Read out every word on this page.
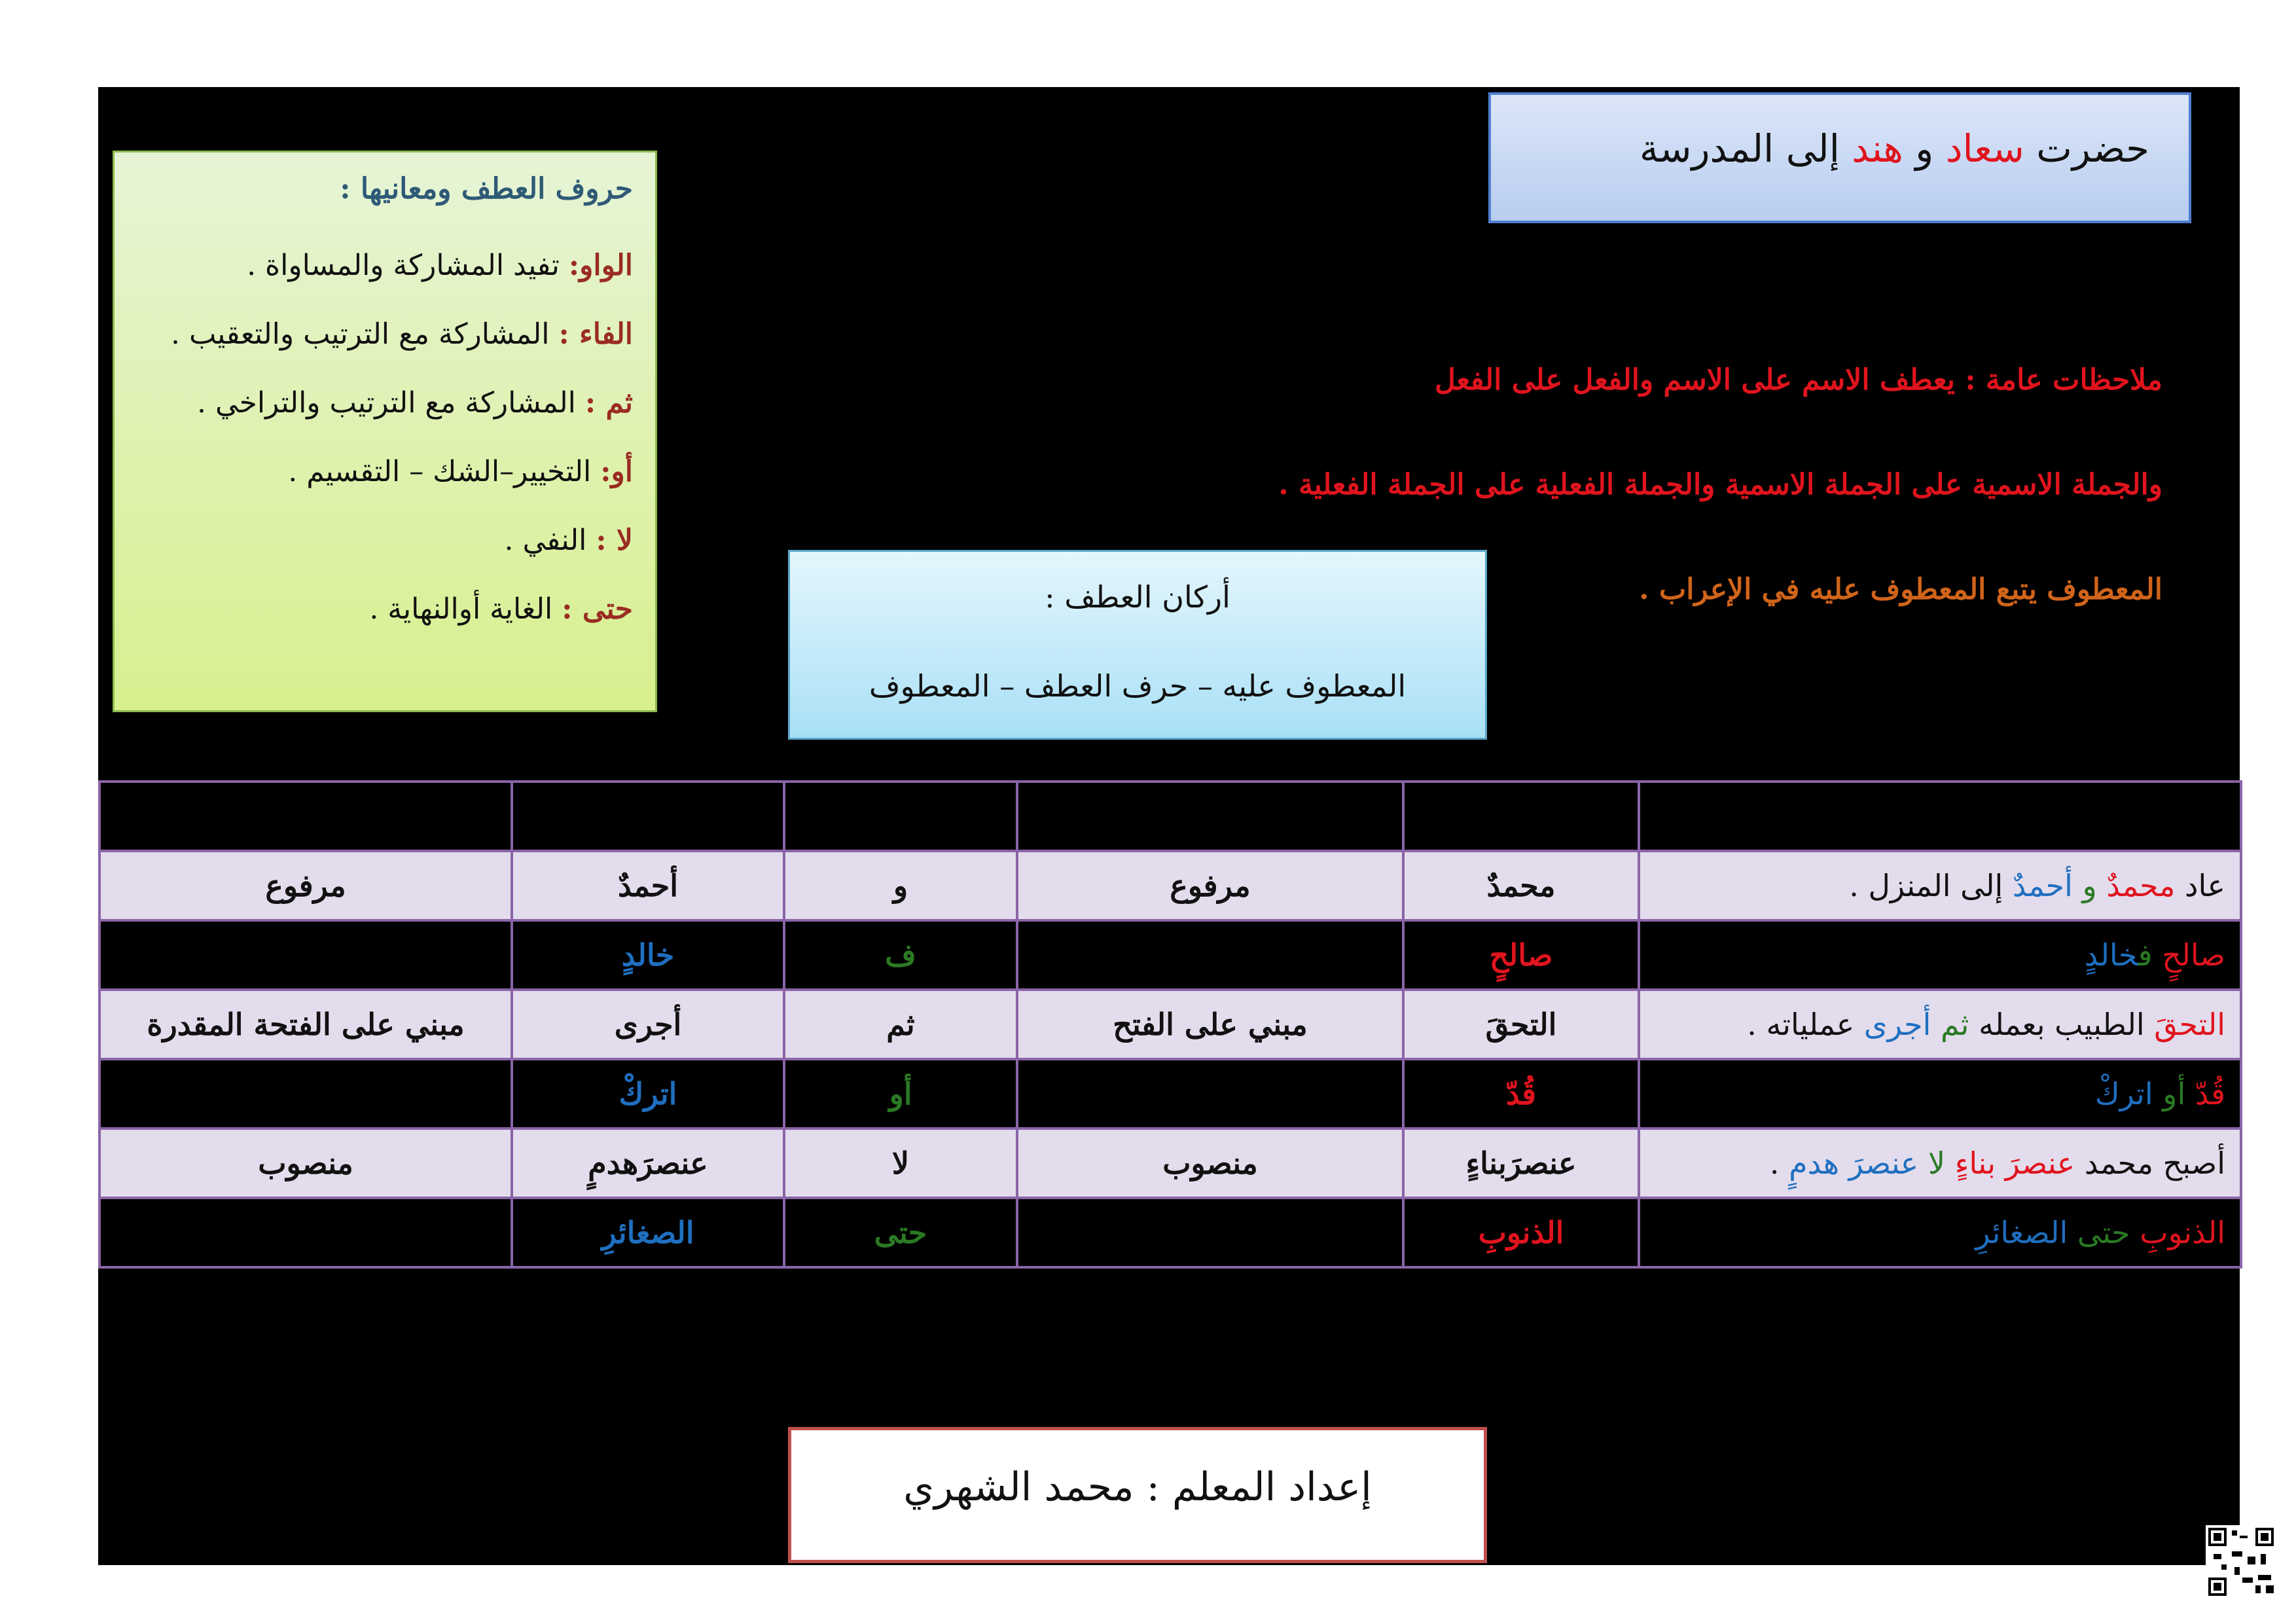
حضرت سعاد و هند إلى المدرسة
حروف العطف ومعانيها :
الواو: تفيد المشاركة والمساواة .
الفاء : المشاركة مع الترتيب والتعقيب .
ثم : المشاركة مع الترتيب والتراخي .
أو: التخيير–الشك – التقسيم .
لا : النفي .
حتى : الغاية أوالنهاية .

ملاحظات عامة : يعطف الاسم على الاسم والفعل على الفعل

والجملة الاسمية على الجملة الاسمية والجملة الفعلية على الجملة الفعلية .

المعطوف يتبع المعطوف عليه في الإعراب .

أركان العطف :
المعطوف عليه – حرف العطف – المعطوف

عاد محمدٌ و أحمدٌ إلى المنزل .	محمدٌ	مرفوع	و	أحمدٌ	مرفوع
صالحٍ فخالدٍ	صالحٍ		ف	خالدٍ	
التحقَ الطبيب بعمله ثم أجرى عملياته .	التحقَ	مبني على الفتح	ثم	أجرى	مبني على الفتحة المقدرة
قُدّ أو اتركْ	قُدّ		أو	اتركْ	
أصبح محمد عنصرَ بناءٍ لا عنصرَ هدمٍ .	عنصرَبناءٍ	منصوب	لا	عنصرَهدمٍ	منصوب
الذنوبِ حتى الصغائرِ	الذنوبِ		حتى	الصغائرِ	
إعداد المعلم : محمد الشهري
